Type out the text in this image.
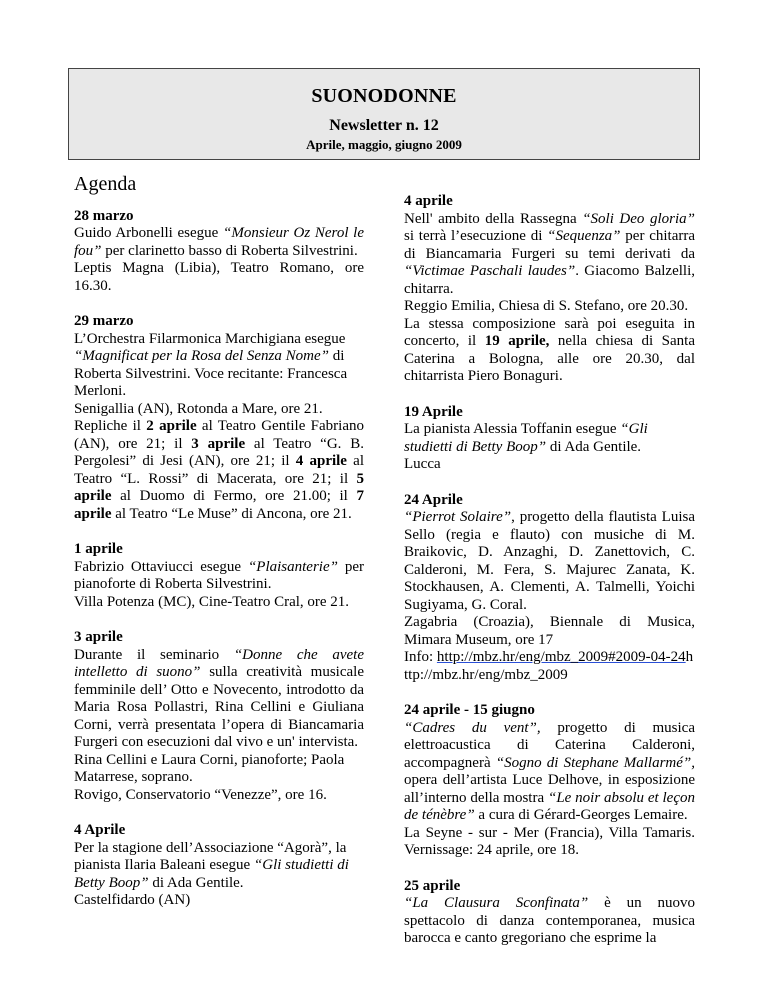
SUONODONNE
Newsletter n. 12
Aprile, maggio, giugno 2009
Agenda

28 marzo

Guido Arbonelli esegue “Monsieur Oz Nerol le fou” per clarinetto basso di Roberta Silvestrini.

Leptis Magna (Libia), Teatro Romano, ore 16.30.

29 marzo

L’Orchestra Filarmonica Marchigiana esegue “Magnificat per la Rosa del Senza Nome” di Roberta Silvestrini. Voce recitante: Francesca Merloni.

Senigallia (AN), Rotonda a Mare, ore 21.

Repliche il 2 aprile al Teatro Gentile Fabriano (AN), ore 21; il 3 aprile al Teatro “G. B. Pergolesi” di Jesi (AN), ore 21; il 4 aprile al Teatro “L. Rossi” di Macerata, ore 21; il 5 aprile al Duomo di Fermo, ore 21.00; il 7 aprile al Teatro “Le Muse” di Ancona, ore 21.

1 aprile

Fabrizio Ottaviucci esegue “Plaisanterie” per pianoforte di Roberta Silvestrini.

Villa Potenza (MC), Cine-Teatro Cral, ore 21.

3 aprile

Durante il seminario “Donne che avete intelletto di suono” sulla creatività musicale femminile dell’ Otto e Novecento, introdotto da Maria Rosa Pollastri, Rina Cellini e Giuliana Corni, verrà presentata l’opera di Biancamaria Furgeri con esecuzioni dal vivo e un' intervista.

Rina Cellini e Laura Corni, pianoforte; Paola Matarrese, soprano.

Rovigo, Conservatorio “Venezze”, ore 16.

4 Aprile

Per la stagione dell’Associazione “Agorà”, la pianista Ilaria Baleani esegue “Gli studietti di Betty Boop” di Ada Gentile.

Castelfidardo (AN)

4 aprile

Nell' ambito della Rassegna “Soli Deo gloria” si terrà l’esecuzione di “Sequenza” per chitarra di Biancamaria Furgeri su temi derivati da “Victimae Paschali laudes”. Giacomo Balzelli, chitarra.

Reggio Emilia, Chiesa di S. Stefano, ore 20.30.

La stessa composizione sarà poi eseguita in concerto, il 19 aprile, nella chiesa di Santa Caterina a Bologna, alle ore 20.30, dal chitarrista Piero Bonaguri.

19 Aprile

La pianista Alessia Toffanin esegue “Gli studietti di Betty Boop” di Ada Gentile.

Lucca

24 Aprile

“Pierrot Solaire”, progetto della flautista Luisa Sello (regia e flauto) con musiche di M. Braikovic, D. Anzaghi, D. Zanettovich, C. Calderoni, M. Fera, S. Majurec Zanata, K. Stockhausen, A. Clementi, A. Talmelli, Yoichi Sugiyama, G. Coral.

Zagabria (Croazia), Biennale di Musica, Mimara Museum, ore 17

Info: http://mbz.hr/eng/mbz_2009#2009-04-24http://mbz.hr/eng/mbz_2009

24 aprile - 15 giugno

“Cadres du vent”, progetto di musica elettroacustica di Caterina Calderoni, accompagnerà “Sogno di Stephane Mallarmé”, opera dell’artista Luce Delhove, in esposizione all’interno della mostra “Le noir absolu et leçon de ténèbre” a cura di Gérard-Georges Lemaire.

La Seyne - sur - Mer (Francia), Villa Tamaris. Vernissage: 24 aprile, ore 18.

25 aprile

“La Clausura Sconfinata” è un nuovo spettacolo di danza contemporanea, musica barocca e canto gregoriano che esprime la
